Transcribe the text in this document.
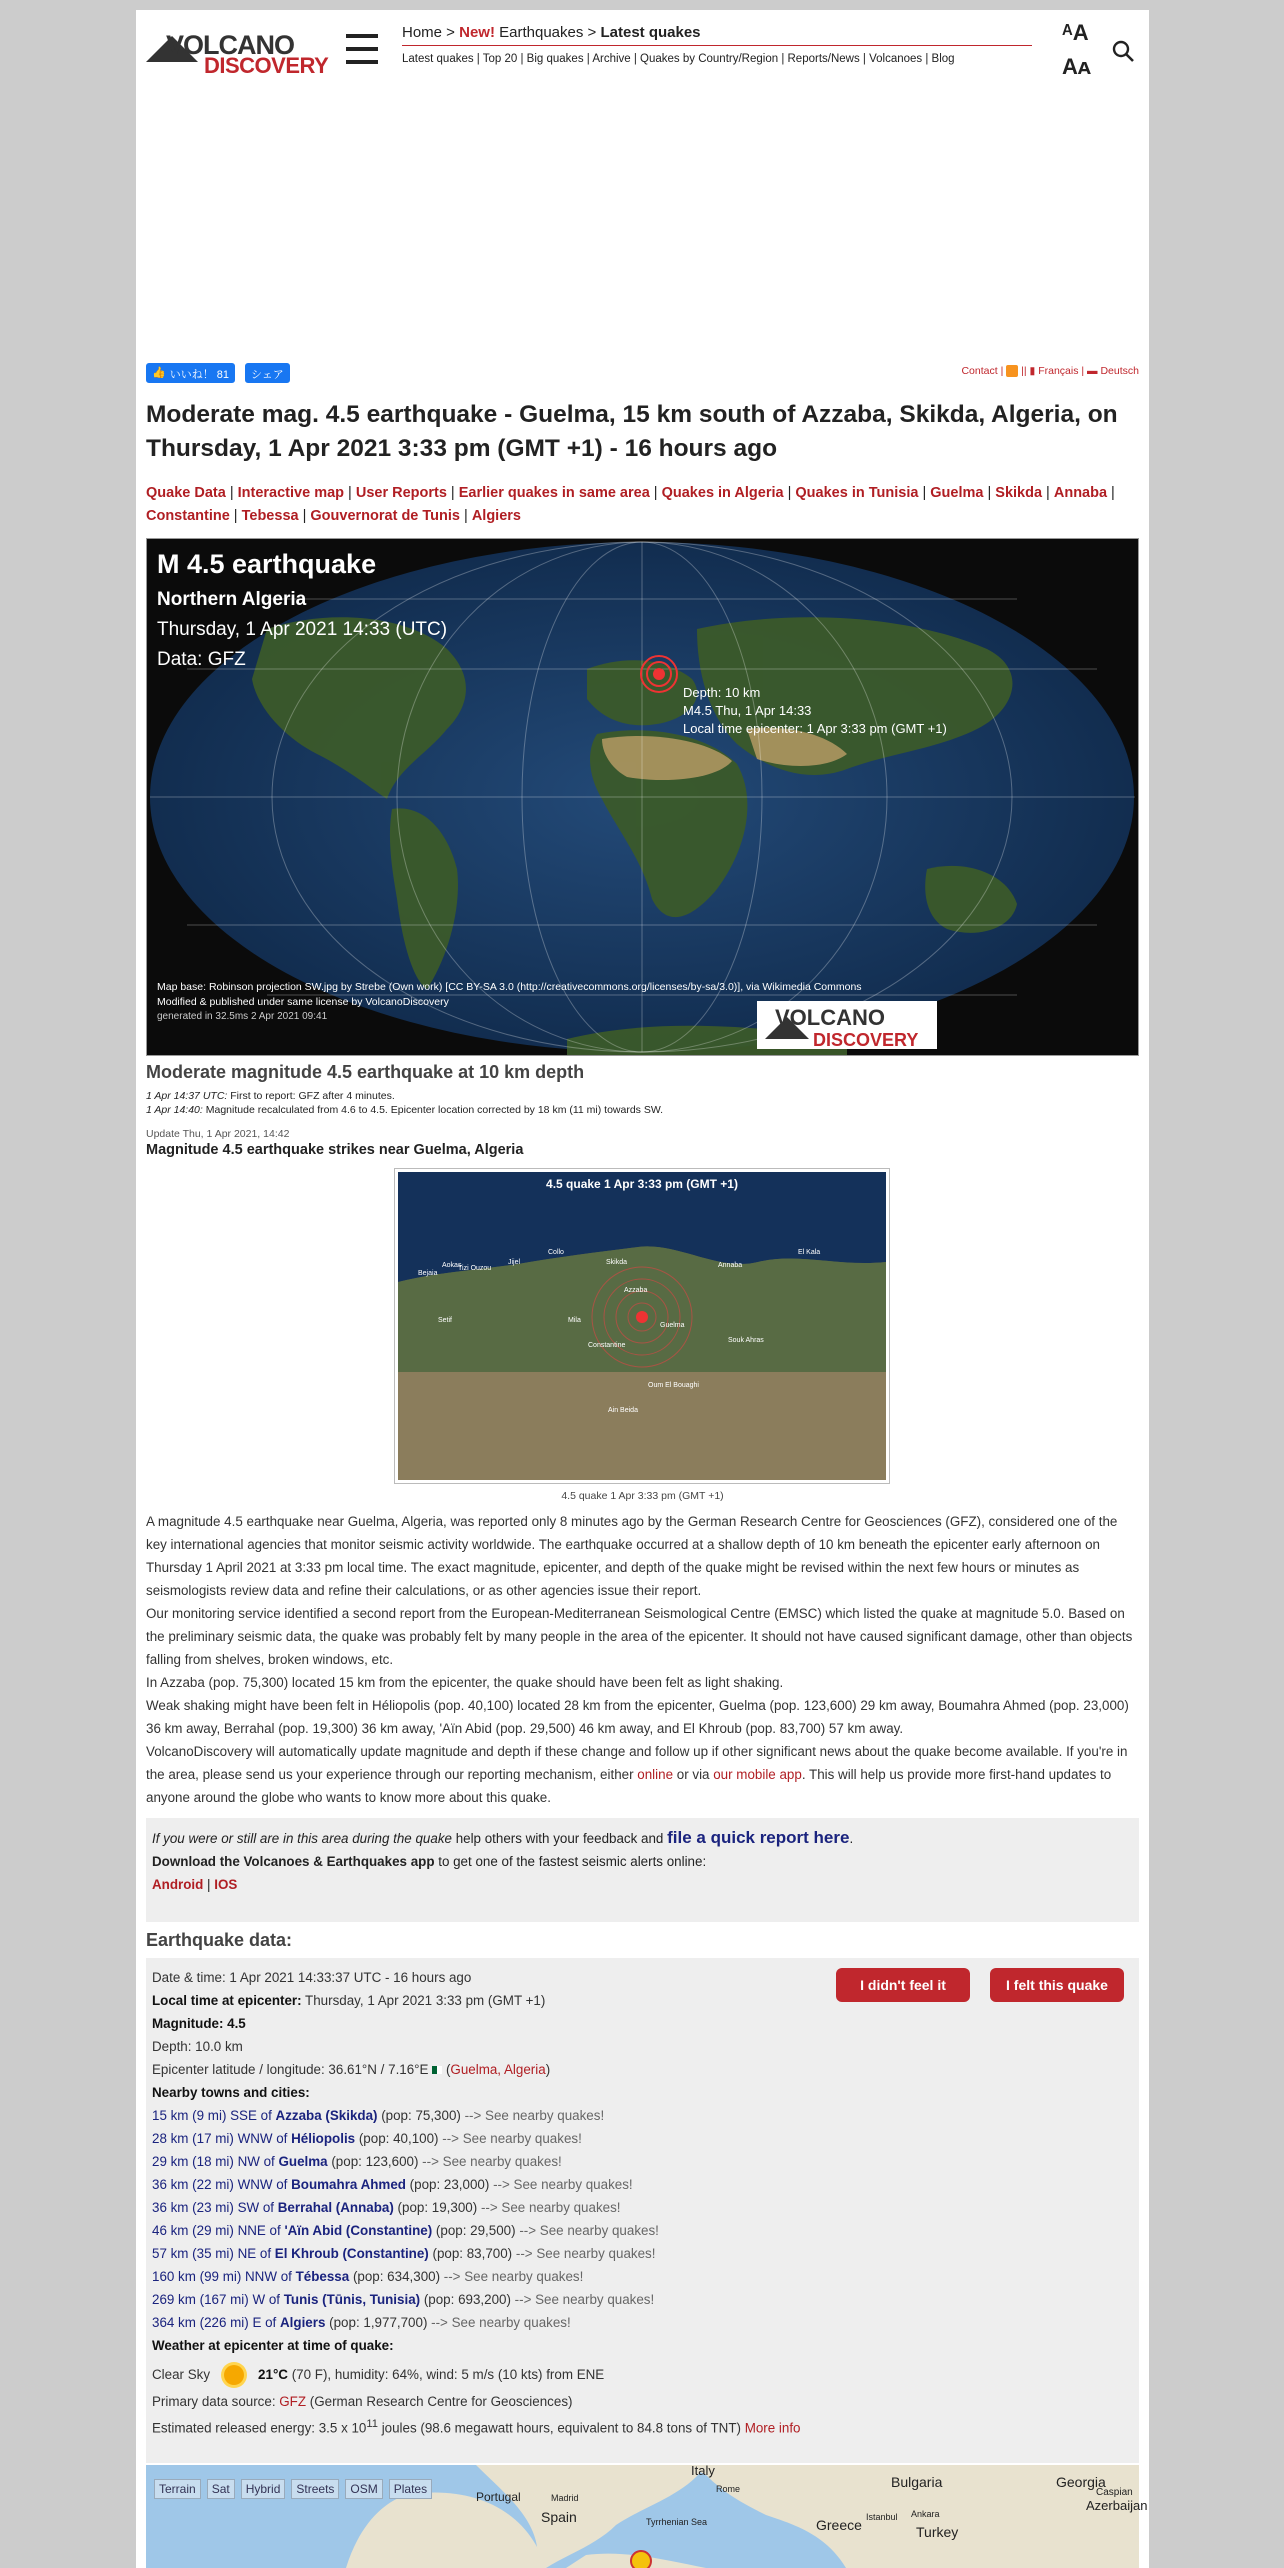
VOLCANO
DISCOVERY
Home > New! Earthquakes > Latest quakes
Latest quakes | Top 20 | Big quakes | Archive | Quakes by Country/Region | Reports/News | Volcanoes | Blog
ᴬA
Aᴀ
👍 いいね！ 81	シェア	Contact |  || ▮ Français | ▬ Deutsch
Moderate mag. 4.5 earthquake - Guelma, 15 km south of Azzaba, Skikda, Algeria, on Thursday, 1 Apr 2021 3:33 pm (GMT +1) - 16 hours ago
Quake Data | Interactive map | User Reports | Earlier quakes in same area | Quakes in Algeria | Quakes in Tunisia | Guelma | Skikda | Annaba | Constantine | Tebessa | Gouvernorat de Tunis | Algiers
M 4.5 earthquake
Northern Algeria
Thursday, 1 Apr 2021 14:33 (UTC)
Data: GFZ
Depth: 10 km
M4.5 Thu, 1 Apr 14:33
Local time epicenter: 1 Apr 3:33 pm (GMT +1)
Map base: Robinson projection SW.jpg by Strebe (Own work) [CC BY-SA 3.0 (http://creativecommons.org/licenses/by-sa/3.0)], via Wikimedia Commons
Modified & published under same license by VolcanoDiscovery
generated in 32.5ms 2 Apr 2021 09:41	VOLCANO
DISCOVERY
Moderate magnitude 4.5 earthquake at 10 km depth
1 Apr 14:37 UTC: First to report: GFZ after 4 minutes.
1 Apr 14:40: Magnitude recalculated from 4.6 to 4.5. Epicenter location corrected by 18 km (11 mi) towards SW.
Update Thu, 1 Apr 2021, 14:42
Magnitude 4.5 earthquake strikes near Guelma, Algeria
4.5 quake 1 Apr 3:33 pm (GMT +1)
Bejaia
Tizi Ouzou
Aokas	Jijel
Collo
Skikda	Annaba
El Kala
Azzaba
Guelma
Mila
Constantine
Souk Ahras
Setif
Oum El Bouaghi
Ain Beida
4.5 quake 1 Apr 3:33 pm (GMT +1)

A magnitude 4.5 earthquake near Guelma, Algeria, was reported only 8 minutes ago by the German Research Centre for Geosciences (GFZ), considered one of the key international agencies that monitor seismic activity worldwide. The earthquake occurred at a shallow depth of 10 km beneath the epicenter early afternoon on Thursday 1 April 2021 at 3:33 pm local time. The exact magnitude, epicenter, and depth of the quake might be revised within the next few hours or minutes as seismologists review data and refine their calculations, or as other agencies issue their report.

Our monitoring service identified a second report from the European-Mediterranean Seismological Centre (EMSC) which listed the quake at magnitude 5.0. Based on the preliminary seismic data, the quake was probably felt by many people in the area of the epicenter. It should not have caused significant damage, other than objects falling from shelves, broken windows, etc.

In Azzaba (pop. 75,300) located 15 km from the epicenter, the quake should have been felt as light shaking.

Weak shaking might have been felt in Héliopolis (pop. 40,100) located 28 km from the epicenter, Guelma (pop. 123,600) 29 km away, Boumahra Ahmed (pop. 23,000) 36 km away, Berrahal (pop. 19,300) 36 km away, 'Aïn Abid (pop. 29,500) 46 km away, and El Khroub (pop. 83,700) 57 km away.

VolcanoDiscovery will automatically update magnitude and depth if these change and follow up if other significant news about the quake become available. If you're in the area, please send us your experience through our reporting mechanism, either online or via our mobile app. This will help us provide more first-hand updates to anyone around the globe who wants to know more about this quake.

If you were or still are in this area during the quake help others with your feedback and file a quick report here.
Download the Volcanoes & Earthquakes app to get one of the fastest seismic alerts online:
Android | IOS
Earthquake data:
I didn't feel it	I felt this quake
Date & time: 1 Apr 2021 14:33:37 UTC - 16 hours ago
Local time at epicenter: Thursday, 1 Apr 2021 3:33 pm (GMT +1)
Magnitude: 4.5
Depth: 10.0 km
Epicenter latitude / longitude: 36.61°N / 7.16°E  (Guelma, Algeria)
Nearby towns and cities:
15 km (9 mi) SSE of Azzaba (Skikda) (pop: 75,300) --> See nearby quakes!
28 km (17 mi) WNW of Héliopolis (pop: 40,100) --> See nearby quakes!
29 km (18 mi) NW of Guelma (pop: 123,600) --> See nearby quakes!
36 km (22 mi) WNW of Boumahra Ahmed (pop: 23,000) --> See nearby quakes!
36 km (23 mi) SW of Berrahal (Annaba) (pop: 19,300) --> See nearby quakes!
46 km (29 mi) NNE of 'Aïn Abid (Constantine) (pop: 29,500) --> See nearby quakes!
57 km (35 mi) NE of El Khroub (Constantine) (pop: 83,700) --> See nearby quakes!
160 km (99 mi) NNW of Tébessa (pop: 634,300) --> See nearby quakes!
269 km (167 mi) W of Tunis (Tūnis, Tunisia) (pop: 693,200) --> See nearby quakes!
364 km (226 mi) E of Algiers (pop: 1,977,700) --> See nearby quakes!
Weather at epicenter at time of quake:
Clear Sky	21°C (70 F), humidity: 64%, wind: 5 m/s (10 kts) from ENE
Primary data source: GFZ (German Research Centre for Geosciences)
Estimated released energy: 3.5 x $10^{11}$ joules (98.6 megawatt hours, equivalent to 84.8 tons of TNT) More info
Italy
Rome	Bulgaria	Georgia
Portugal	Madrid
Spain	Tyrrhenian Sea	Greece Istanbul Ankara
Turkey
Azerbaijan
Caspian
Terrain	Sat	Hybrid	Streets	OSM	Plates
